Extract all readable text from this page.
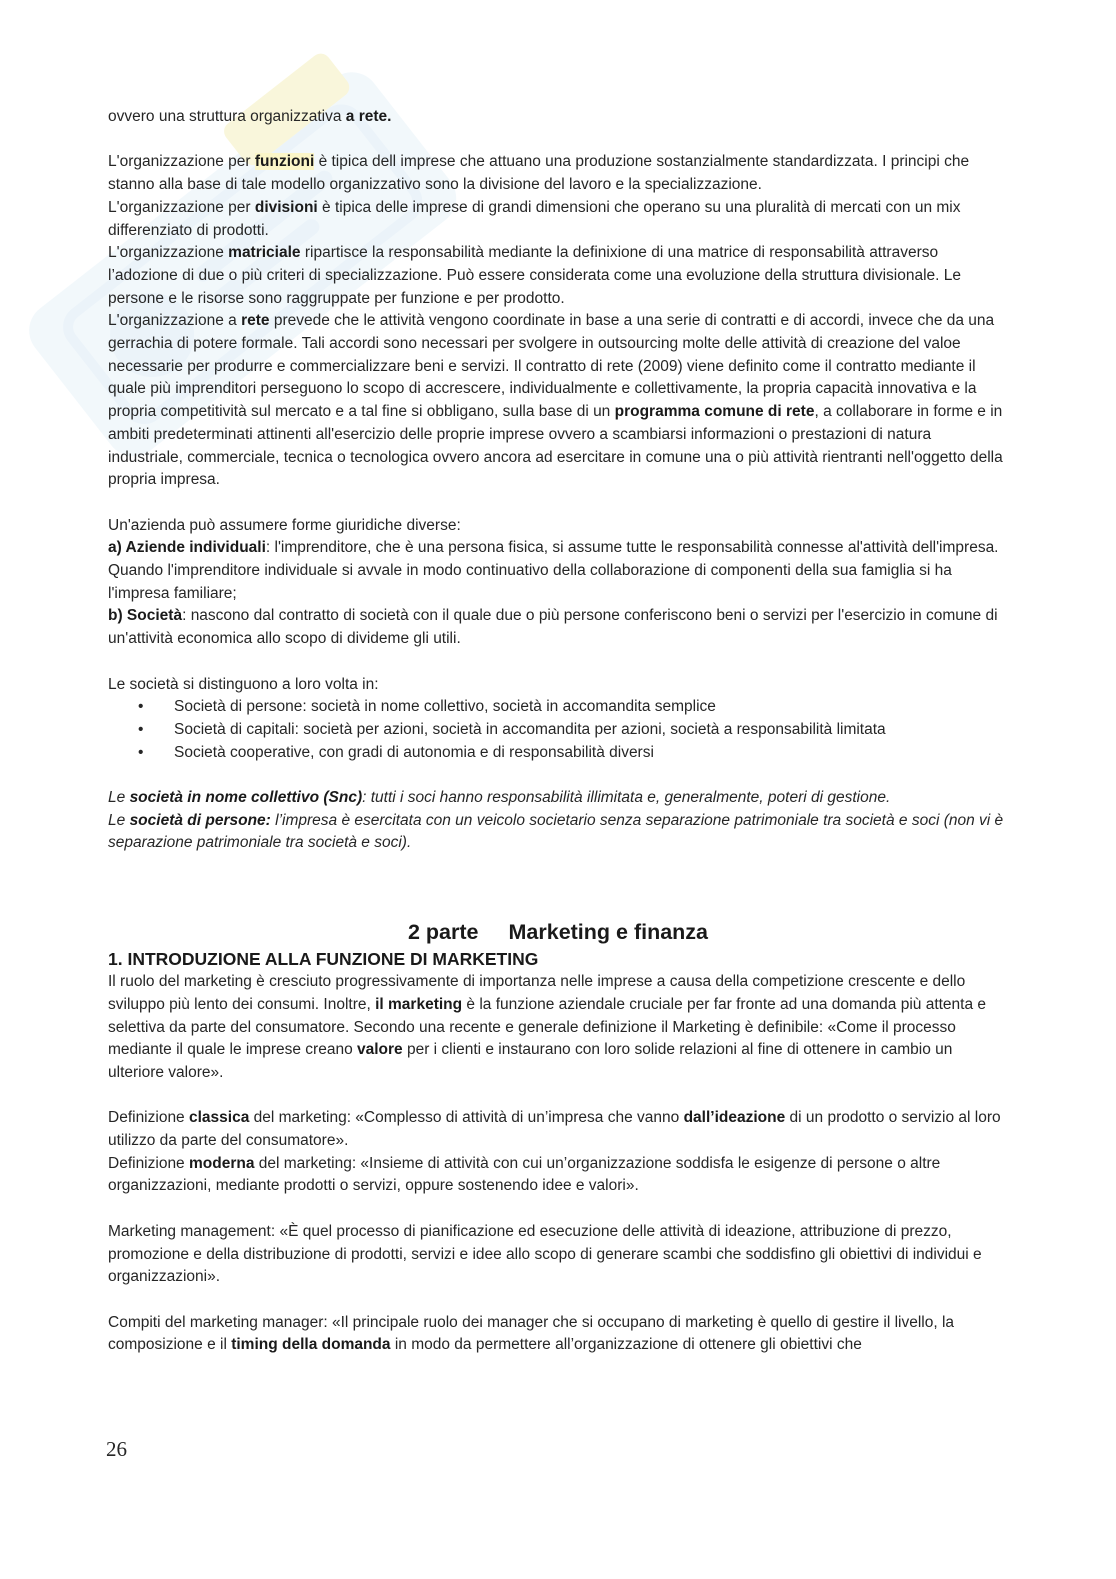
ovvero una struttura organizzativa a rete.

L'organizzazione per funzioni è tipica dell imprese che attuano una produzione sostanzialmente standardizzata. I principi che stanno alla base di tale modello organizzativo sono la divisione del lavoro e la specializzazione.

L'organizzazione per divisioni è tipica delle imprese di grandi dimensioni che operano su una pluralità di mercati con un mix differenziato di prodotti.

L'organizzazione matriciale ripartisce la responsabilità mediante la definixione di una matrice di responsabilità attraverso l’adozione di due o più criteri di specializzazione. Può essere considerata come una evoluzione della struttura divisionale. Le persone e le risorse sono raggruppate per funzione e per prodotto.

L'organizzazione a rete prevede che le attività vengono coordinate in base a una serie di contratti e di accordi, invece che da una gerrachia di potere formale. Tali accordi sono necessari per svolgere in outsourcing molte delle attività di creazione del valoe necessarie per produrre e commercializzare beni e servizi. Il contratto di rete (2009) viene definito come il contratto mediante il quale più imprenditori perseguono lo scopo di accrescere, individualmente e collettivamente, la propria capacità innovativa e la propria competitività sul mercato e a tal fine si obbligano, sulla base di un programma comune di rete, a collaborare in forme e in ambiti predeterminati attinenti all'esercizio delle proprie imprese ovvero a scambiarsi informazioni o prestazioni di natura industriale, commerciale, tecnica o tecnologica ovvero ancora ad esercitare in comune una o più attività rientranti nell'oggetto della propria impresa.

Un'azienda può assumere forme giuridiche diverse:

a) Aziende individuali: l'imprenditore, che è una persona fisica, si assume tutte le responsabilità connesse al'attività dell'impresa. Quando l'imprenditore individuale si avvale in modo continuativo della collaborazione di componenti della sua famiglia si ha l'impresa familiare;

b) Società: nascono dal contratto di società con il quale due o più persone conferiscono beni o servizi per l'esercizio in comune di un'attività economica allo scopo di divideme gli utili.

Le società si distinguono a loro volta in:

• Società di persone: società in nome collettivo, società in accomandita semplice
• Società di capitali: società per azioni, società in accomandita per azioni, società a responsabilità limitata
• Società cooperative, con gradi di autonomia e di responsabilità diversi

Le società in nome collettivo (Snc): tutti i soci hanno responsabilità illimitata e, generalmente, poteri di gestione.

Le società di persone: l’impresa è esercitata con un veicolo societario senza separazione patrimoniale tra società e soci (non vi è separazione patrimoniale tra società e soci).

2 parte Marketing e finanza
1. INTRODUZIONE ALLA FUNZIONE DI MARKETING

Il ruolo del marketing è cresciuto progressivamente di importanza nelle imprese a causa della competizione crescente e dello sviluppo più lento dei consumi. Inoltre, il marketing è la funzione aziendale cruciale per far fronte ad una domanda più attenta e selettiva da parte del consumatore. Secondo una recente e generale definizione il Marketing è definibile: «Come il processo mediante il quale le imprese creano valore per i clienti e instaurano con loro solide relazioni al fine di ottenere in cambio un ulteriore valore».

Definizione classica del marketing: «Complesso di attività di un’impresa che vanno dall’ideazione di un prodotto o servizio al loro utilizzo da parte del consumatore».

Definizione moderna del marketing: «Insieme di attività con cui un’organizzazione soddisfa le esigenze di persone o altre organizzazioni, mediante prodotti o servizi, oppure sostenendo idee e valori».

Marketing management: «È quel processo di pianificazione ed esecuzione delle attività di ideazione, attribuzione di prezzo, promozione e della distribuzione di prodotti, servizi e idee allo scopo di generare scambi che soddisfino gli obiettivi di individui e organizzazioni».

Compiti del marketing manager: «Il principale ruolo dei manager che si occupano di marketing è quello di gestire il livello, la composizione e il timing della domanda in modo da permettere all’organizzazione di ottenere gli obiettivi che

26
